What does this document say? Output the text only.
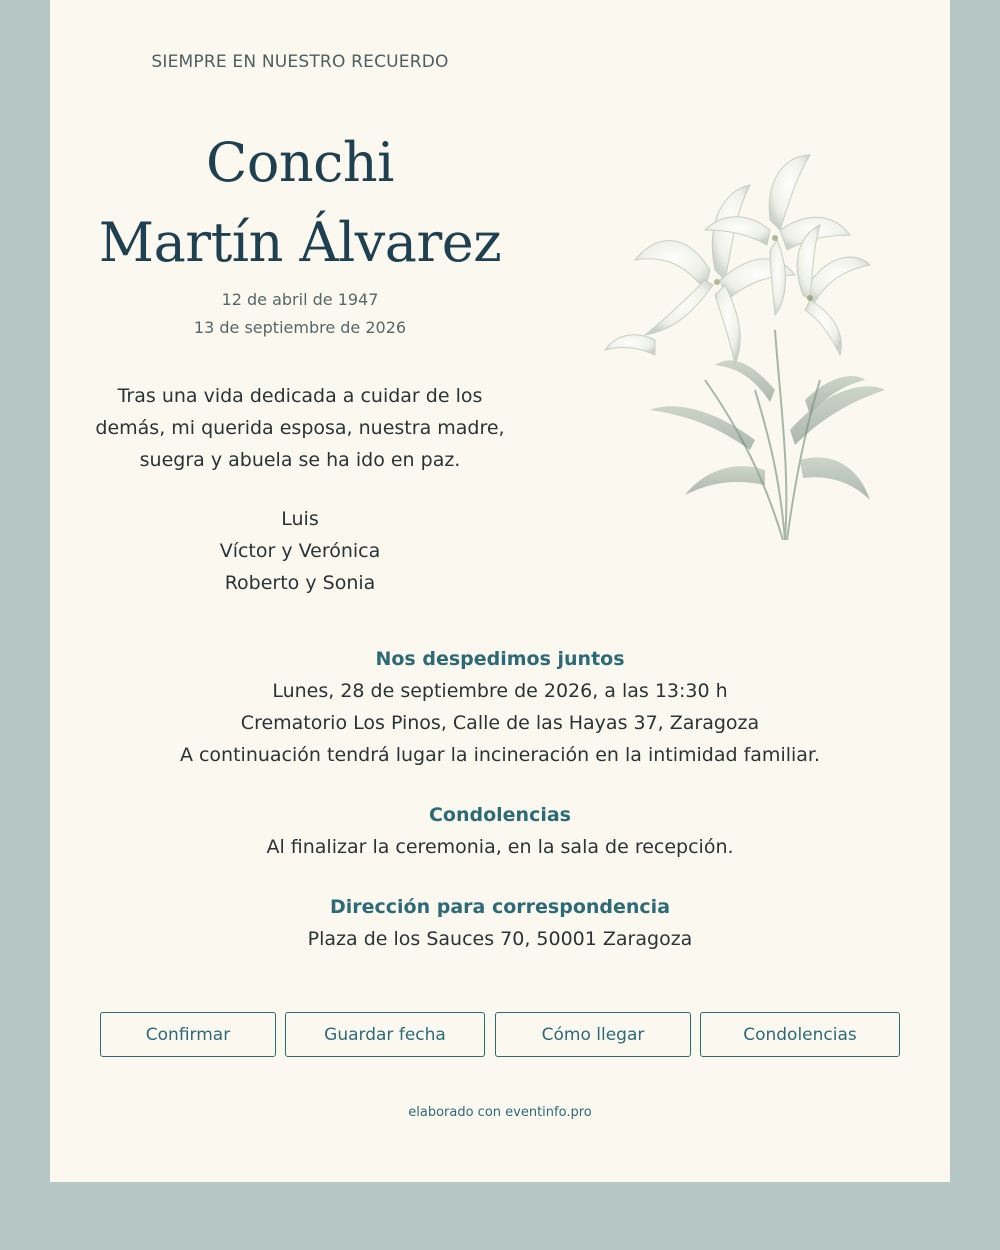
SIEMPRE EN NUESTRO RECUERDO
Conchi
Martín Álvarez
12 de abril de 1947
13 de septiembre de 2026
Tras una vida dedicada a cuidar de los
demás, mi querida esposa, nuestra madre,
suegra y abuela se ha ido en paz.
Luis
Víctor y Verónica
Roberto y Sonia
Nos despedimos juntos
Lunes, 28 de septiembre de 2026, a las 13:30 h
Crematorio Los Pinos, Calle de las Hayas 37, Zaragoza
A continuación tendrá lugar la incineración en la intimidad familiar.
Condolencias
Al finalizar la ceremonia, en la sala de recepción.
Dirección para correspondencia
Plaza de los Sauces 70, 50001 Zaragoza
Confirmar	Guardar fecha	Cómo llegar	Condolencias
elaborado con eventinfo.pro
